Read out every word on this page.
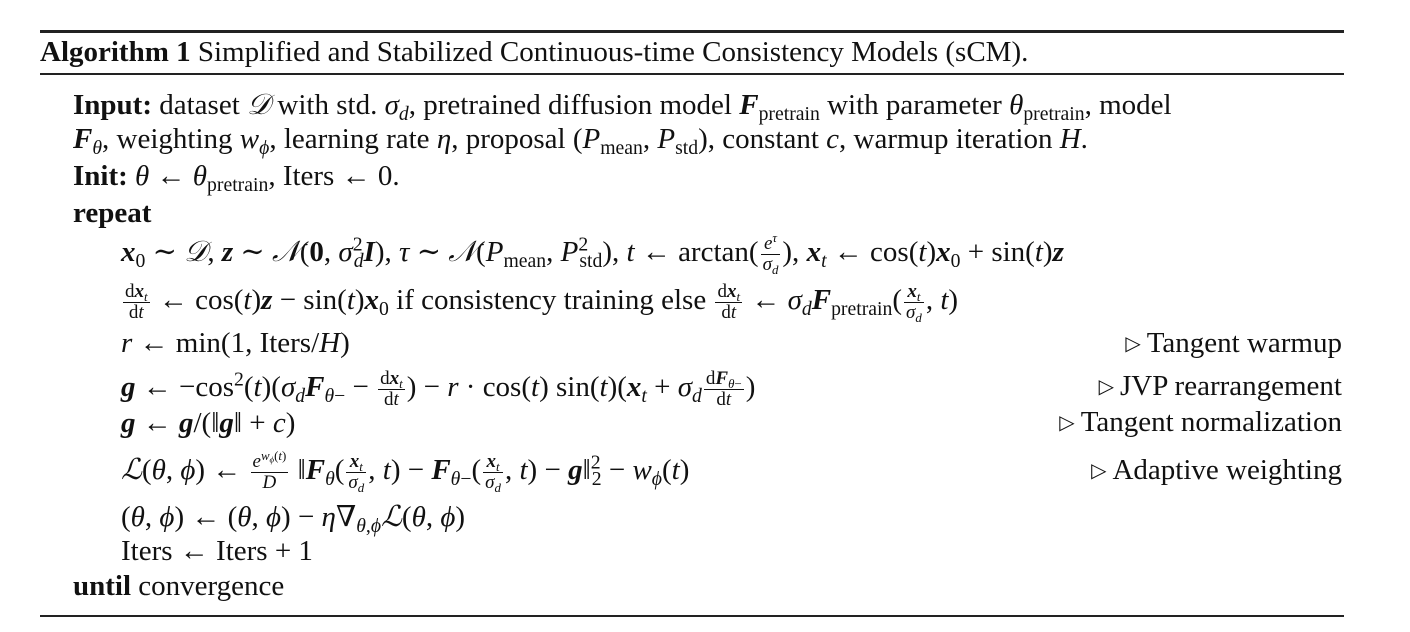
Algorithm 1 Simplified and Stabilized Continuous-time Consistency Models (sCM).
Input: dataset 𝒟 with std. $\sigma_d$, pretrained diffusion model $F_{pretrain}$ with parameter $\theta_{pretrain}$, model
$F_\theta$, weighting $w_\phi$, learning rate η, proposal ($P_{mean}$, $P_{std}$), constant c, warmup iteration H.
Init: θ ← $\theta_{pretrain}$, Iters ← 0.
repeat
$x_0$ ∼ 𝒟, z ∼ 𝒩(0, $\sigma^2_dI$), τ ∼ $𝒩(P_{mean}$, $P^2_{std}$), t ← $\arctan( \frac{e^\tau}{\sigma_d}$ ), $x_t$ ← $\cos(t)x_0 + \sin(t)z$
$\frac{dx_t}{dt}$ ← $\cos(t)z - \sin(t)x_0$ if consistency training else $\frac{dx_t}{dt}$ ← $\sigma_dF_{pretrain}( \frac{x_t}{\sigma_d}$ , t)
r ← min(1, Iters/H)	▷ Tangent warmup
g ← $-\cos^2(t)(\sigma_dF_{\theta-} - \frac{dx_t}{dt}$ ) − r · cos(t) $\sin(t)(x_t + \sigma_d \frac{dF_{\theta-}}{dt}$ )	▷ JVP rearrangement
g ← g/(‖g‖ + c)	▷ Tangent normalization
ℒ(θ, ϕ) ← $\frac{e^{w_\phi(t)}}{D}$ $‖F_\theta( \frac{x_t}{\sigma_d}$ , $t) - F_{\theta-}( \frac{x_t}{\sigma_d}$ , t) − g‖$^2_2$ − $w_\phi(t)$	▷ Adaptive weighting
(θ, ϕ) ← (θ, $\phi) - \eta\nabla_{\theta,\phi}ℒ(\theta$, ϕ)
Iters ← Iters + 1
until convergence
